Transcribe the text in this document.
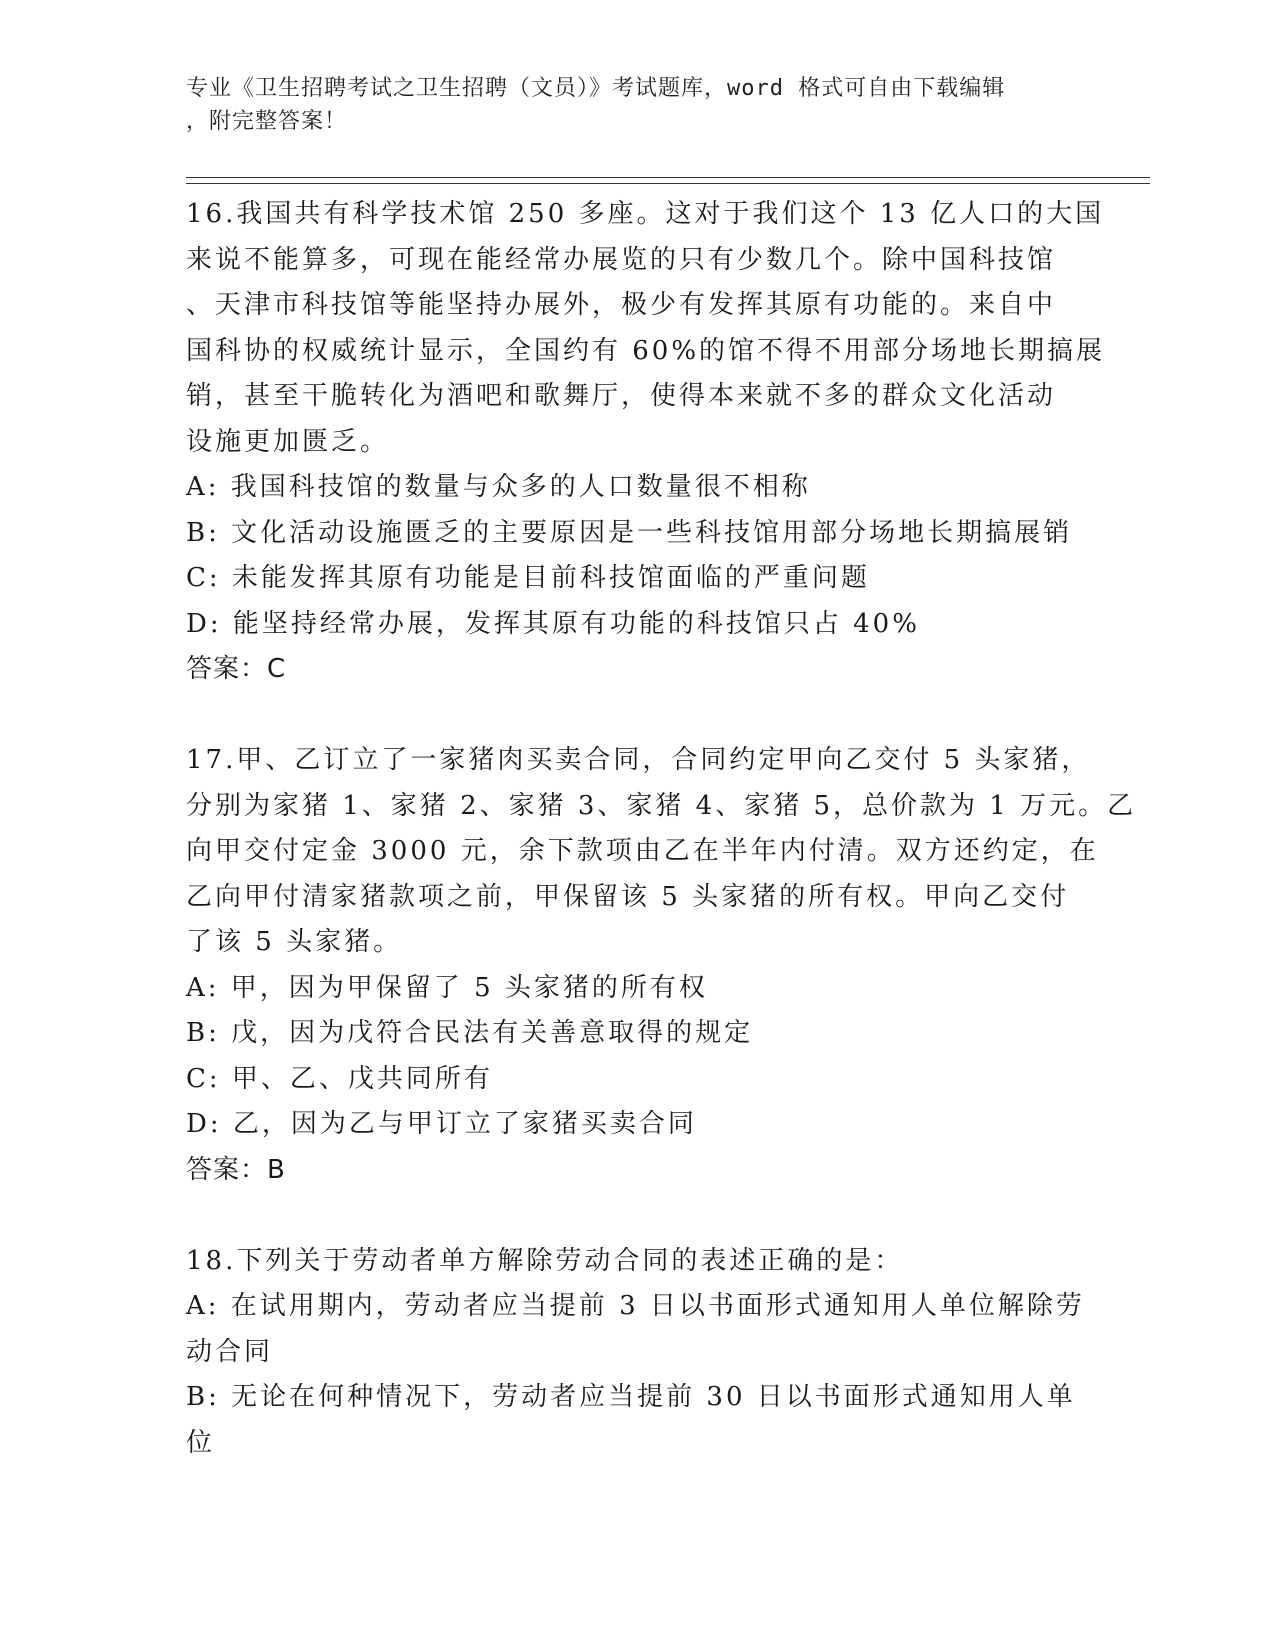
专业《卫生招聘考试之卫生招聘（文员）》考试题库，word 格式可自由下载编辑
，附完整答案！
16.我国共有科学技术馆 250 多座。这对于我们这个 13 亿人口的大国
来说不能算多，可现在能经常办展览的只有少数几个。除中国科技馆
、天津市科技馆等能坚持办展外，极少有发挥其原有功能的。来自中
国科协的权威统计显示，全国约有 60%的馆不得不用部分场地长期搞展
销，甚至干脆转化为酒吧和歌舞厅，使得本来就不多的群众文化活动
设施更加匮乏。
A: 我国科技馆的数量与众多的人口数量很不相称
B: 文化活动设施匮乏的主要原因是一些科技馆用部分场地长期搞展销
C: 未能发挥其原有功能是目前科技馆面临的严重问题
D: 能坚持经常办展，发挥其原有功能的科技馆只占 40%
答案：C
17.甲、乙订立了一家猪肉买卖合同，合同约定甲向乙交付 5 头家猪，
分别为家猪 1、家猪 2、家猪 3、家猪 4、家猪 5，总价款为 1 万元。乙
向甲交付定金 3000 元，余下款项由乙在半年内付清。双方还约定，在
乙向甲付清家猪款项之前，甲保留该 5 头家猪的所有权。甲向乙交付
了该 5 头家猪。
A: 甲，因为甲保留了 5 头家猪的所有权
B: 戊，因为戊符合民法有关善意取得的规定
C: 甲、乙、戊共同所有
D: 乙，因为乙与甲订立了家猪买卖合同
答案：B
18.下列关于劳动者单方解除劳动合同的表述正确的是：
A: 在试用期内，劳动者应当提前 3 日以书面形式通知用人单位解除劳
动合同
B: 无论在何种情况下，劳动者应当提前 30 日以书面形式通知用人单
位
